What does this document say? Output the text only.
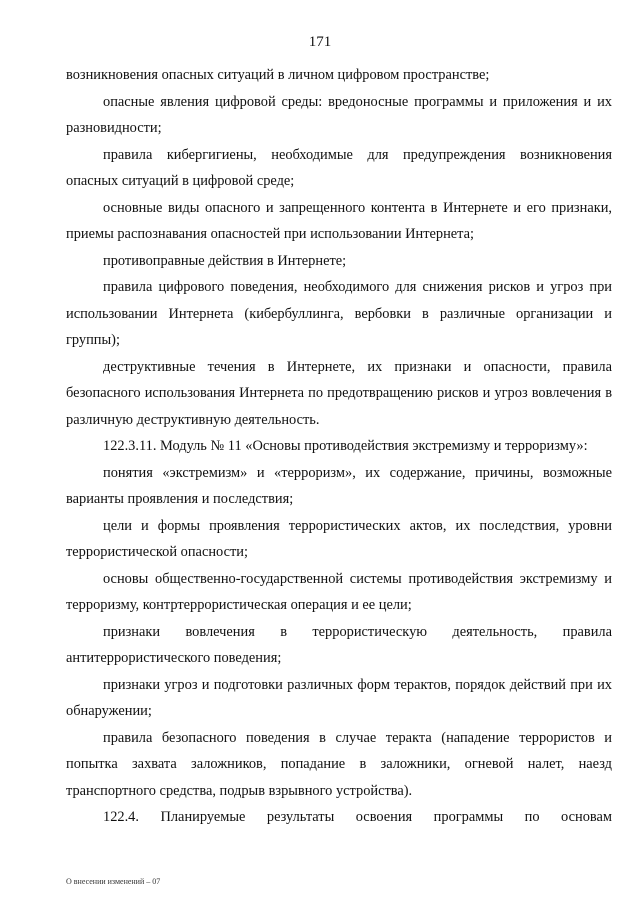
171

возникновения опасных ситуаций в личном цифровом пространстве;

опасные явления цифровой среды: вредоносные программы и приложения и их разновидности;

правила кибергигиены, необходимые для предупреждения возникновения опасных ситуаций в цифровой среде;

основные виды опасного и запрещенного контента в Интернете и его признаки, приемы распознавания опасностей при использовании Интернета;

противоправные действия в Интернете;

правила цифрового поведения, необходимого для снижения рисков и угроз при использовании Интернета (кибербуллинга, вербовки в различные организации и группы);

деструктивные течения в Интернете, их признаки и опасности, правила безопасного использования Интернета по предотвращению рисков и угроз вовлечения в различную деструктивную деятельность.

122.3.11. Модуль № 11 «Основы противодействия экстремизму и терроризму»:

понятия «экстремизм» и «терроризм», их содержание, причины, возможные варианты проявления и последствия;

цели и формы проявления террористических актов, их последствия, уровни террористической опасности;

основы общественно-государственной системы противодействия экстремизму и терроризму, контртеррористическая операция и ее цели;

признаки вовлечения в террористическую деятельность, правила антитеррористического поведения;

признаки угроз и подготовки различных форм терактов, порядок действий при их обнаружении;

правила безопасного поведения в случае теракта (нападение террористов и попытка захвата заложников, попадание в заложники, огневой налет, наезд транспортного средства, подрыв взрывного устройства).

122.4. Планируемые результаты освоения программы по основам

О внесении изменений – 07
